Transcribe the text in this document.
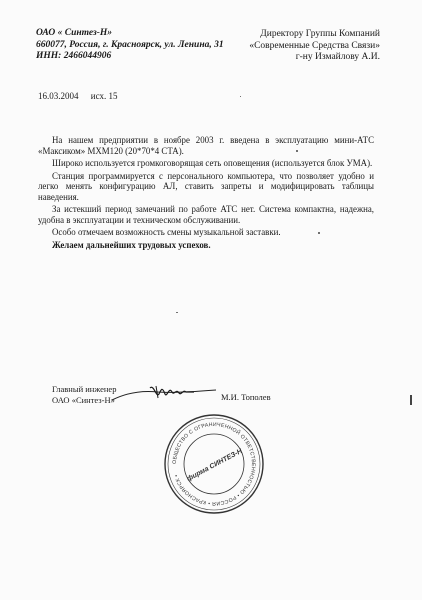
ОАО « Синтез-Н»
660077, Россия, г. Красноярск, ул. Ленина, 31
ИНН: 2466044906
Директору Группы Компаний
«Современные Средства Связи»
г-ну Измайлову А.И.
16.03.2004 исх. 15

На нашем предприятии в ноябре 2003 г. введена в эксплуатацию мини-АТС «Максиком» МХМ120 (20*70*4 СТА).

Широко используется громкоговорящая сеть оповещения (используется блок УМА).

Станция программируется с персонального компьютера, что позволяет удобно и легко менять конфигурацию АЛ, ставить запреты и модифицировать таблицы наведения.

За истекший период замечаний по работе АТС нет. Система компактна, надежна, удобна в эксплуатации и техническом обслуживании.

Особо отмечаем возможность смены музыкальной заставки.

Желаем дальнейших трудовых успехов.

Главный инженер
ОАО «Синтез-Н»	М.И. Тополев
ОБЩЕСТВО С ОГРАНИЧЕННОЙ ОТВЕТСТВЕННОСТЬЮ • РОССИЯ • КРАСНОЯРСК • фирма СИНТЕЗ-Н
